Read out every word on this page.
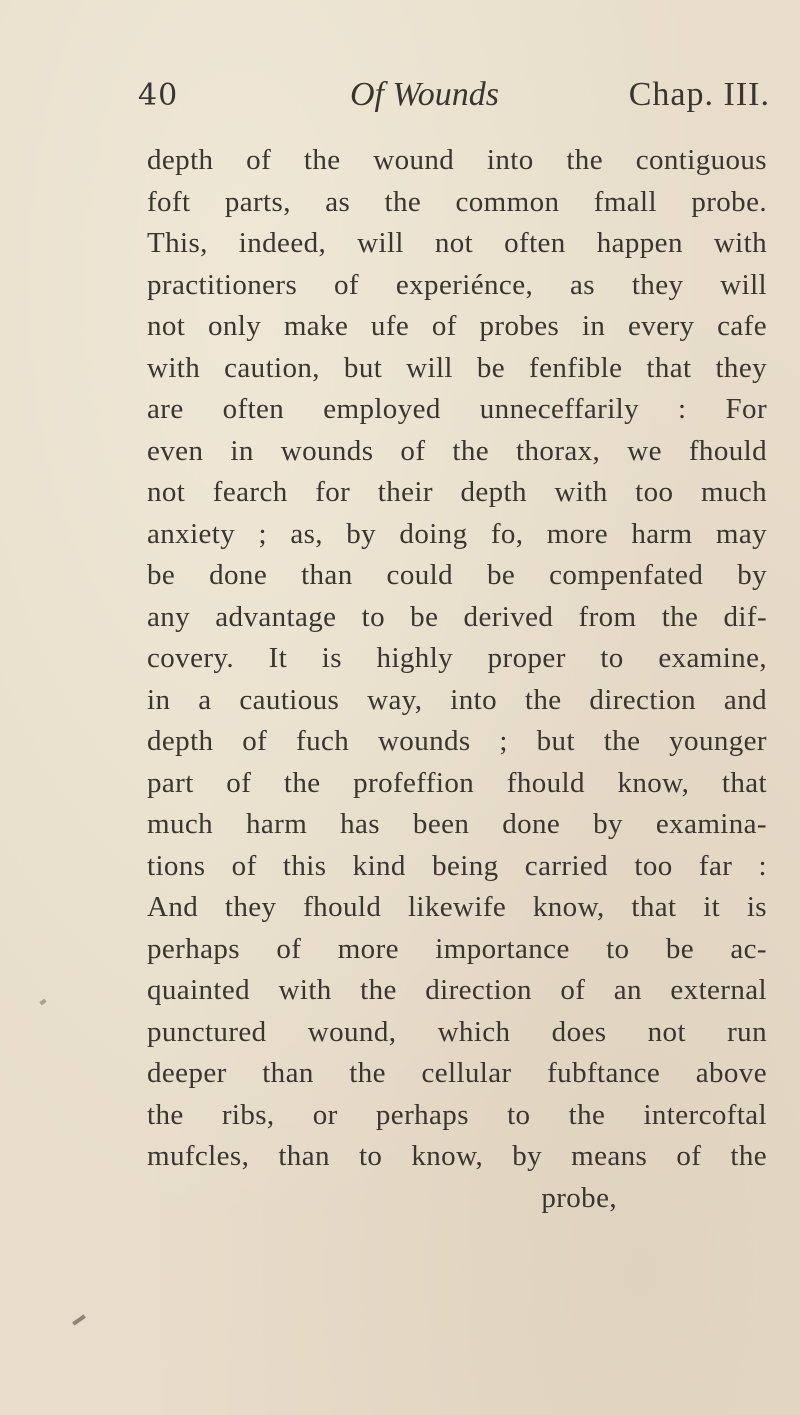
40	Of Wounds	Chap. III.
depth of the wound into the contiguous
foft parts, as the common fmall probe.
This, indeed, will not often happen with
practitioners of experiénce, as they will
not only make ufe of probes in every cafe
with caution, but will be fenfible that they
are often employed unneceffarily : For
even in wounds of the thorax, we fhould
not fearch for their depth with too much
anxiety ; as, by doing fo, more harm may
be done than could be compenfated by
any advantage to be derived from the dif-
covery. It is highly proper to examine,
in a cautious way, into the direction and
depth of fuch wounds ; but the younger
part of the profeffion fhould know, that
much harm has been done by examina-
tions of this kind being carried too far :
And they fhould likewife know, that it is
perhaps of more importance to be ac-
quainted with the direction of an external
punctured wound, which does not run
deeper than the cellular fubftance above
the ribs, or perhaps to the intercoftal
mufcles, than to know, by means of the
probe,
